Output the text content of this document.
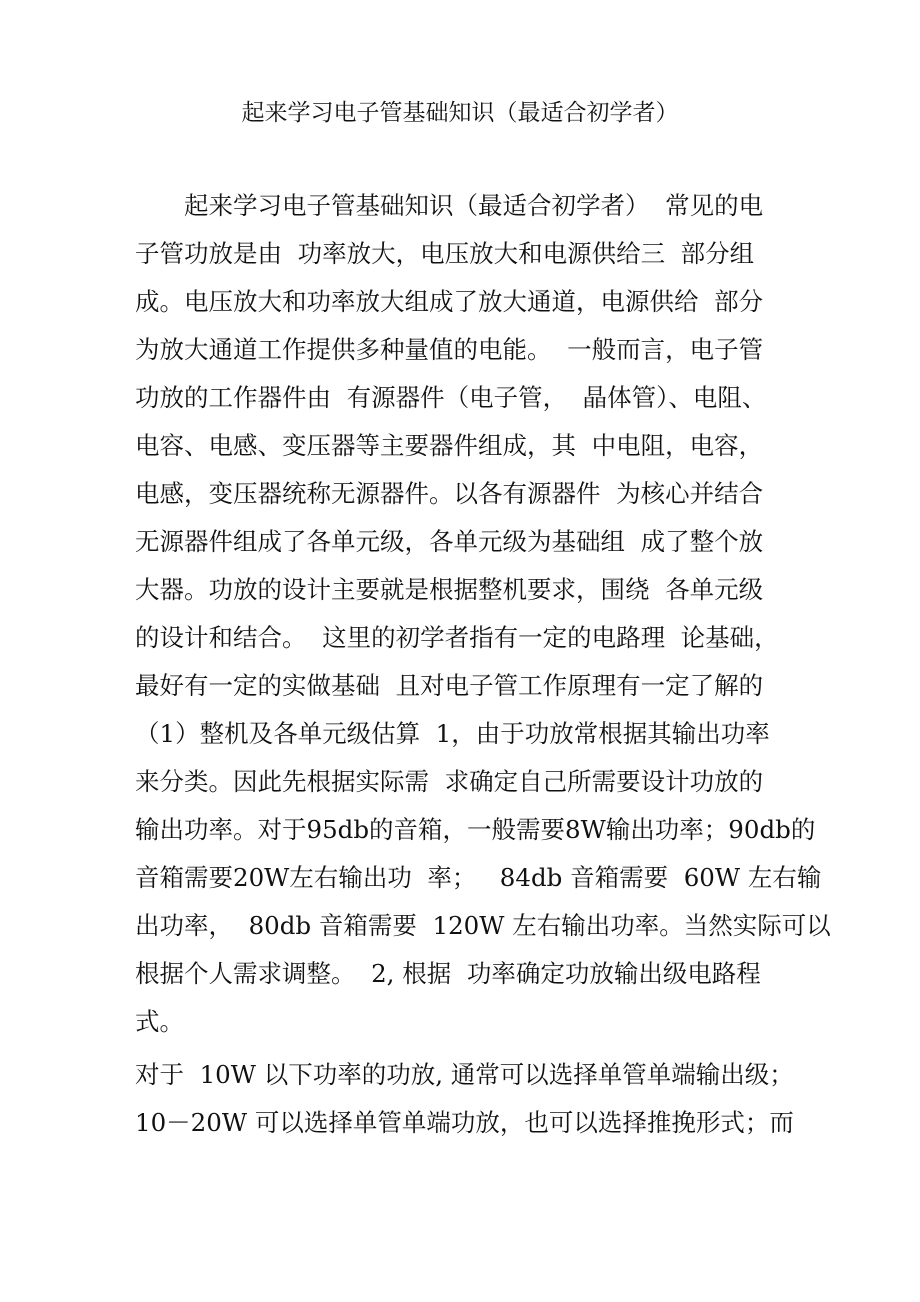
起来学习电子管基础知识（最适合初学者）
　　起来学习电子管基础知识（最适合初学者）  常见的电
子管功放是由  功率放大，电压放大和电源供给三  部分组
成。电压放大和功率放大组成了放大通道，电源供给  部分
为放大通道工作提供多种量值的电能。  一般而言，电子管
功放的工作器件由  有源器件（电子管，  晶体管）、电阻、
电容、电感、变压器等主要器件组成，其  中电阻，电容，
电感，变压器统称无源器件。以各有源器件  为核心并结合
无源器件组成了各单元级，各单元级为基础组  成了整个放
大器。功放的设计主要就是根据整机要求，围绕  各单元级
的设计和结合。  这里的初学者指有一定的电路理  论基础，
最好有一定的实做基础  且对电子管工作原理有一定了解的
（1）整机及各单元级估算  1，由于功放常根据其输出功率
来分类。因此先根据实际需  求确定自己所需要设计功放的
输出功率。对于95db的音箱，一般需要8W输出功率；90db的
音箱需要20W左右输出功  率；   84db 音箱需要  60W 左右输
出功率，  80db 音箱需要  120W 左右输出功率。当然实际可以
根据个人需求调整。  2, 根据  功率确定功放输出级电路程
式。
对于  10W 以下功率的功放, 通常可以选择单管单端输出级；
10－20W 可以选择单管单端功放，也可以选择推挽形式；而
